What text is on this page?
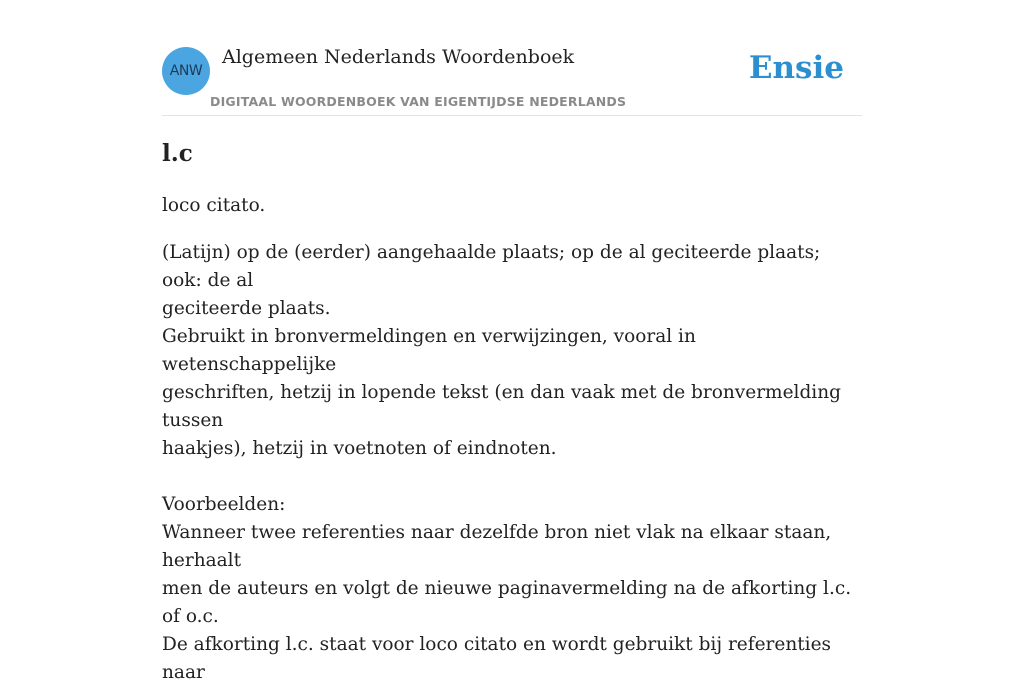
ANW
Algemeen Nederlands Woordenboek
DIGITAAL WOORDENBOEK VAN EIGENTIJDSE NEDERLANDS
Ensie
l.c

loco citato.

(Latijn) op de (eerder) aangehaalde plaats; op de al geciteerde plaats; ook: de al
geciteerde plaats.
Gebruikt in bronvermeldingen en verwijzingen, vooral in wetenschappelijke
geschriften, hetzij in lopende tekst (en dan vaak met de bronvermelding tussen
haakjes), hetzij in voetnoten of eindnoten.
Voorbeelden:
Wanneer twee referenties naar dezelfde bron niet vlak na elkaar staan, herhaalt
men de auteurs en volgt de nieuwe paginavermelding na de afkorting l.c. of o.c.
De afkorting l.c. staat voor loco citato en wordt gebruikt bij referenties naar
